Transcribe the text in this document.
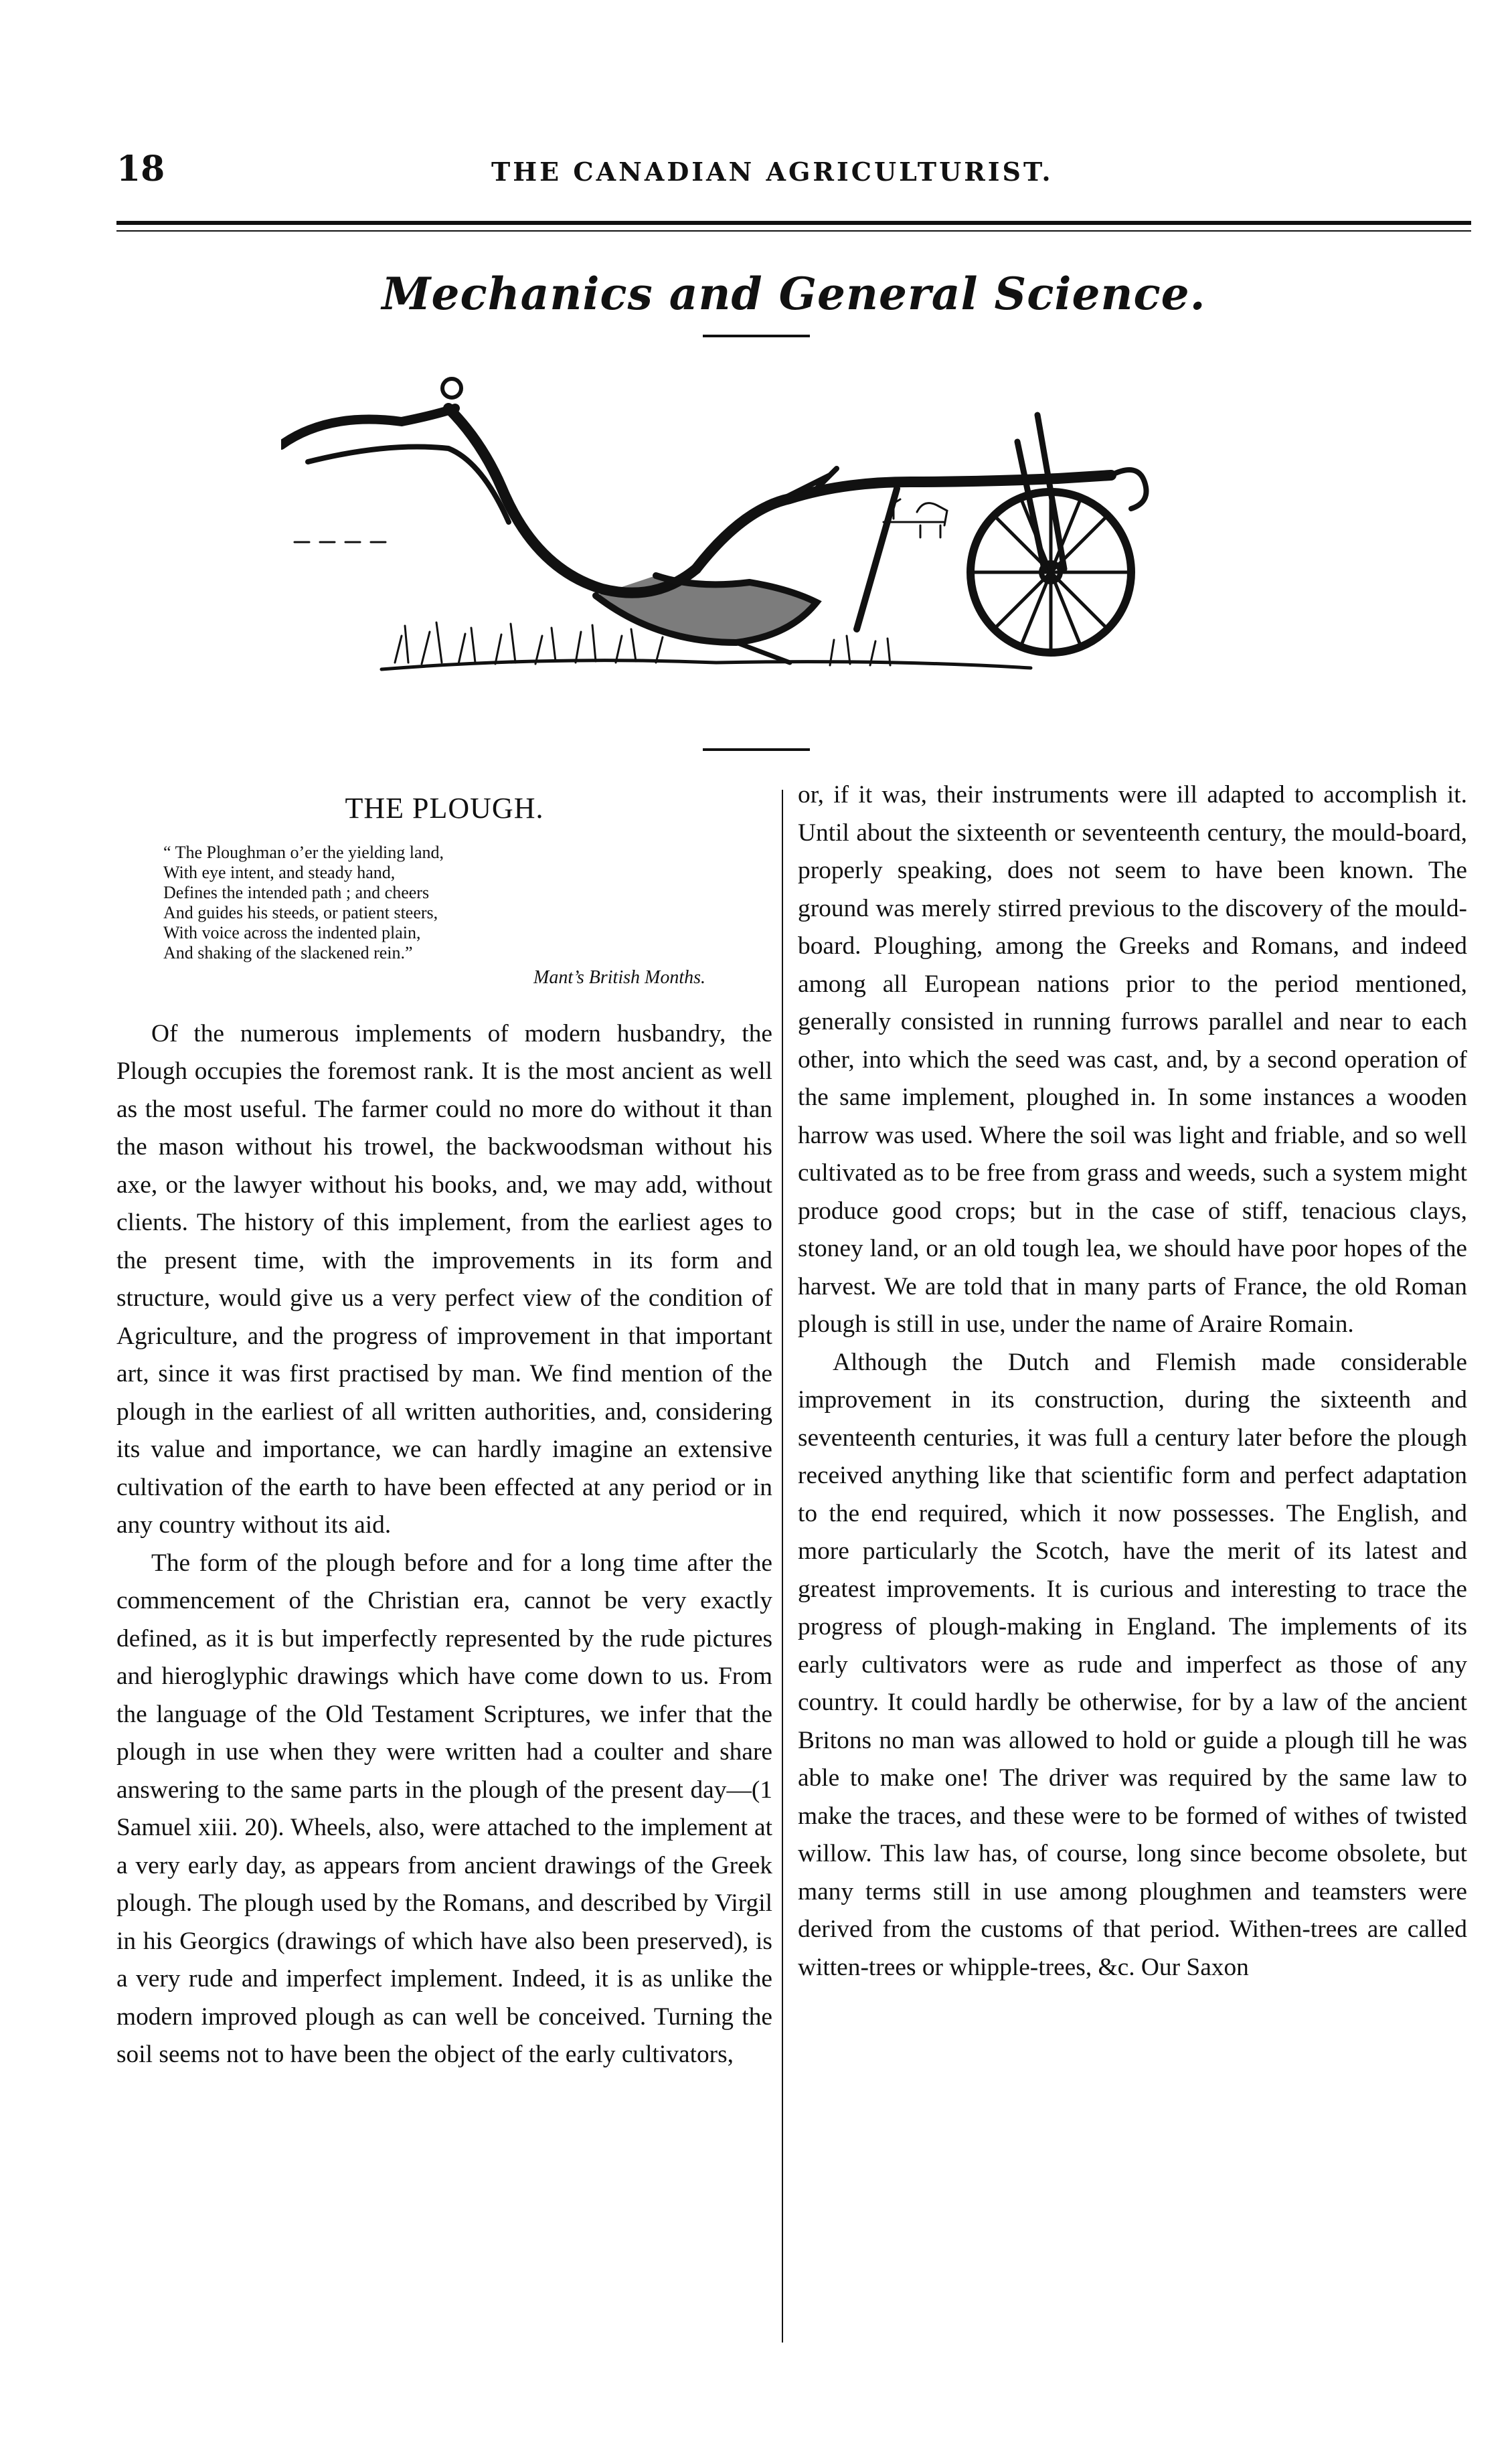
18	THE CANADIAN AGRICULTURIST.
Mechanics and General Science.
THE PLOUGH.
“ The Ploughman o’er the yielding land,
With eye intent, and steady hand,
Defines the intended path ; and cheers
And guides his steeds, or patient steers,
With voice across the indented plain,
And shaking of the slackened rein.”
Mant’s British Months.

Of the numerous implements of modern husbandry, the Plough occupies the foremost rank. It is the most ancient as well as the most useful. The farmer could no more do without it than the mason without his trowel, the backwoodsman without his axe, or the lawyer without his books, and, we may add, without clients. The history of this implement, from the earliest ages to the present time, with the improvements in its form and structure, would give us a very perfect view of the condition of Agriculture, and the progress of improvement in that important art, since it was first practised by man. We find mention of the plough in the earliest of all written authorities, and, considering its value and importance, we can hardly imagine an extensive cultivation of the earth to have been effected at any period or in any country without its aid.

The form of the plough before and for a long time after the commencement of the Christian era, cannot be very exactly defined, as it is but imperfectly represented by the rude pictures and hieroglyphic drawings which have come down to us. From the language of the Old Testament Scriptures, we infer that the plough in use when they were written had a coulter and share answering to the same parts in the plough of the present day—(1 Samuel xiii. 20). Wheels, also, were attached to the implement at a very early day, as appears from ancient drawings of the Greek plough. The plough used by the Romans, and described by Virgil in his Georgics (drawings of which have also been preserved), is a very rude and imperfect implement. Indeed, it is as unlike the modern improved plough as can well be conceived. Turning the soil seems not to have been the object of the early cultivators,

or, if it was, their instruments were ill adapted to accomplish it. Until about the sixteenth or seventeenth century, the mould-board, properly speaking, does not seem to have been known. The ground was merely stirred previous to the discovery of the mould-board. Ploughing, among the Greeks and Romans, and indeed among all European nations prior to the period mentioned, generally consisted in running furrows parallel and near to each other, into which the seed was cast, and, by a second operation of the same implement, ploughed in. In some instances a wooden harrow was used. Where the soil was light and friable, and so well cultivated as to be free from grass and weeds, such a system might produce good crops; but in the case of stiff, tenacious clays, stoney land, or an old tough lea, we should have poor hopes of the harvest. We are told that in many parts of France, the old Roman plough is still in use, under the name of Araire Romain.

Although the Dutch and Flemish made considerable improvement in its construction, during the sixteenth and seventeenth centuries, it was full a century later before the plough received anything like that scientific form and perfect adaptation to the end required, which it now possesses. The English, and more particularly the Scotch, have the merit of its latest and greatest improvements. It is curious and interesting to trace the progress of plough-making in England. The implements of its early cultivators were as rude and imperfect as those of any country. It could hardly be otherwise, for by a law of the ancient Britons no man was allowed to hold or guide a plough till he was able to make one! The driver was required by the same law to make the traces, and these were to be formed of withes of twisted willow. This law has, of course, long since become obsolete, but many terms still in use among ploughmen and teamsters were derived from the customs of that period. Withen-trees are called witten-trees or whipple-trees, &c. Our Saxon
